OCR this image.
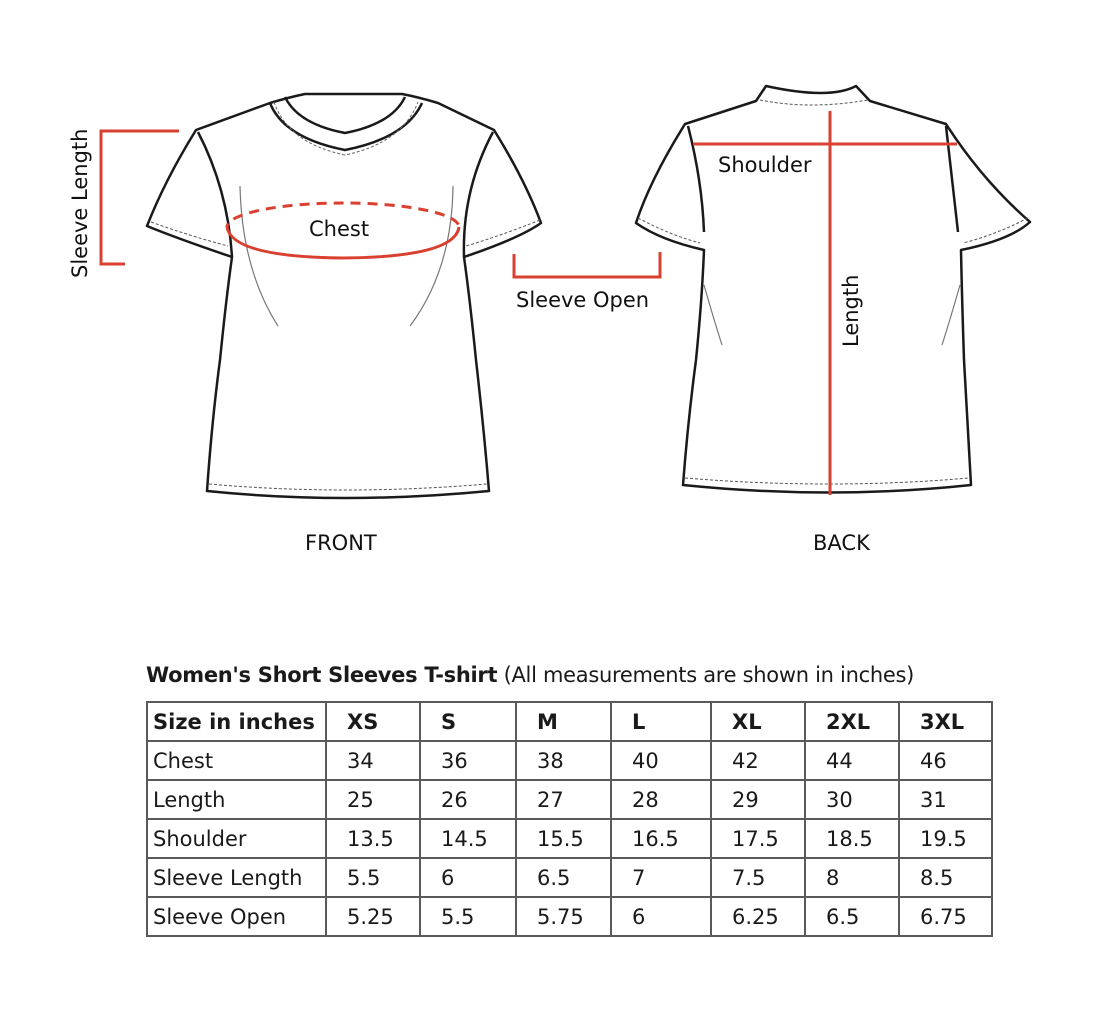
Sleeve Length	Chest
Sleeve Open
Shoulder
Length
FRONT	BACK
Women's Short Sleeves T-shirt (All measurements are shown in inches)
Size in inches	XS	S	M	L	XL	2XL	3XL
Chest	34	36	38	40	42	44	46
Length	25	26	27	28	29	30	31
Shoulder	13.5	14.5	15.5	16.5	17.5	18.5	19.5
Sleeve Length	5.5	6	6.5	7	7.5	8	8.5
Sleeve Open	5.25	5.5	5.75	6	6.25	6.5	6.75
